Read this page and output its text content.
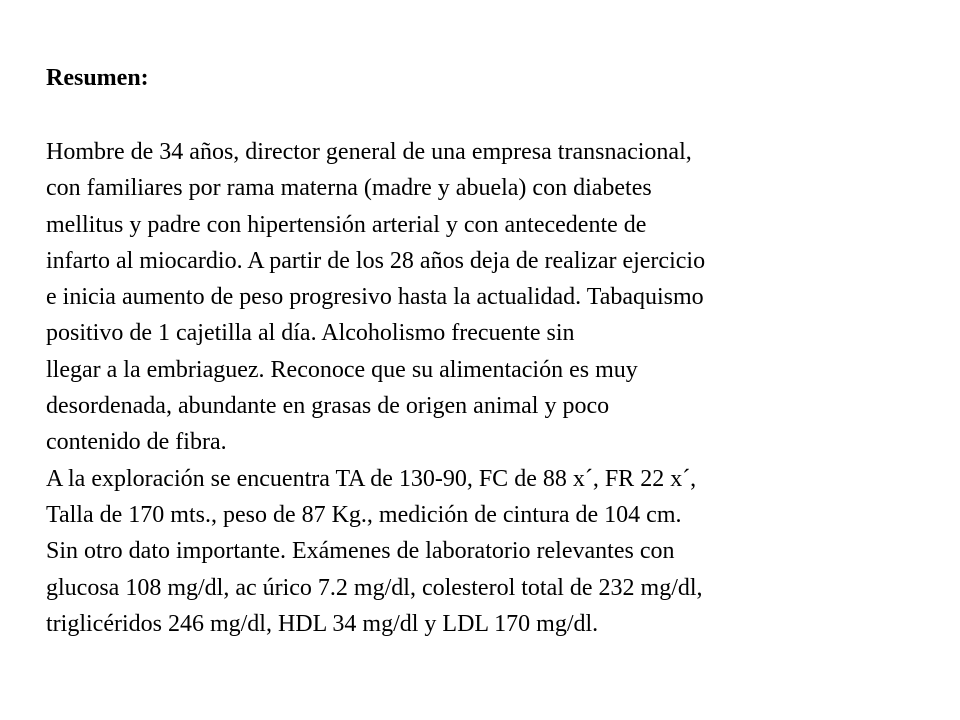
Resumen:
Hombre de 34 años, director general de una empresa transnacional,
con familiares por rama materna (madre y abuela) con diabetes
mellitus y padre con hipertensión arterial y con antecedente de
infarto al miocardio. A partir de los 28 años deja de realizar ejercicio
e inicia aumento de peso progresivo hasta la actualidad. Tabaquismo
positivo de 1 cajetilla al día. Alcoholismo frecuente sin
llegar a la embriaguez. Reconoce que su alimentación es muy
desordenada, abundante en grasas de origen animal y poco
contenido de fibra.
A la exploración se encuentra TA de 130-90, FC de 88 x´, FR 22 x´,
Talla de 170 mts., peso de 87 Kg., medición de cintura de 104 cm.
Sin otro dato importante. Exámenes de laboratorio relevantes con
glucosa 108 mg/dl, ac úrico 7.2 mg/dl, colesterol total de 232 mg/dl,
triglicéridos 246 mg/dl, HDL 34 mg/dl y LDL 170 mg/dl.
